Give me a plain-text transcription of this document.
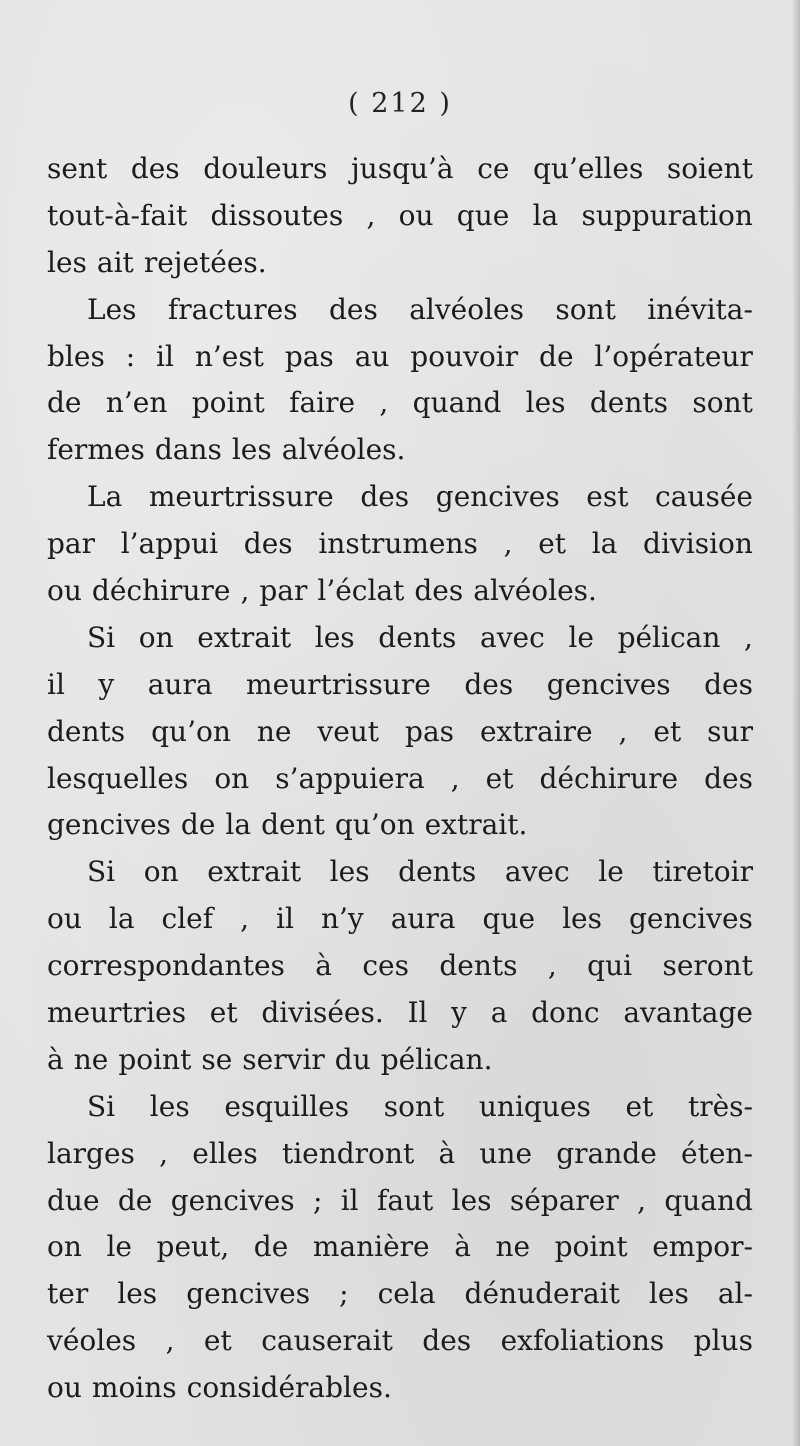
( 212 )
sent des douleurs jusqu’à ce qu’elles soient
tout-à-fait dissoutes , ou que la suppuration
les ait rejetées.
Les fractures des alvéoles sont inévita-
bles : il n’est pas au pouvoir de l’opérateur
de n’en point faire , quand les dents sont
fermes dans les alvéoles.
La meurtrissure des gencives est causée
par l’appui des instrumens , et la division
ou déchirure , par l’éclat des alvéoles.
Si on extrait les dents avec le pélican ,
il y aura meurtrissure des gencives des
dents qu’on ne veut pas extraire , et sur
lesquelles on s’appuiera , et déchirure des
gencives de la dent qu’on extrait.
Si on extrait les dents avec le tiretoir
ou la clef , il n’y aura que les gencives
correspondantes à ces dents , qui seront
meurtries et divisées. Il y a donc avantage
à ne point se servir du pélican.
Si les esquilles sont uniques et très-
larges , elles tiendront à une grande éten-
due de gencives ; il faut les séparer , quand
on le peut, de manière à ne point empor-
ter les gencives ; cela dénuderait les al-
véoles , et causerait des exfoliations plus
ou moins considérables.
